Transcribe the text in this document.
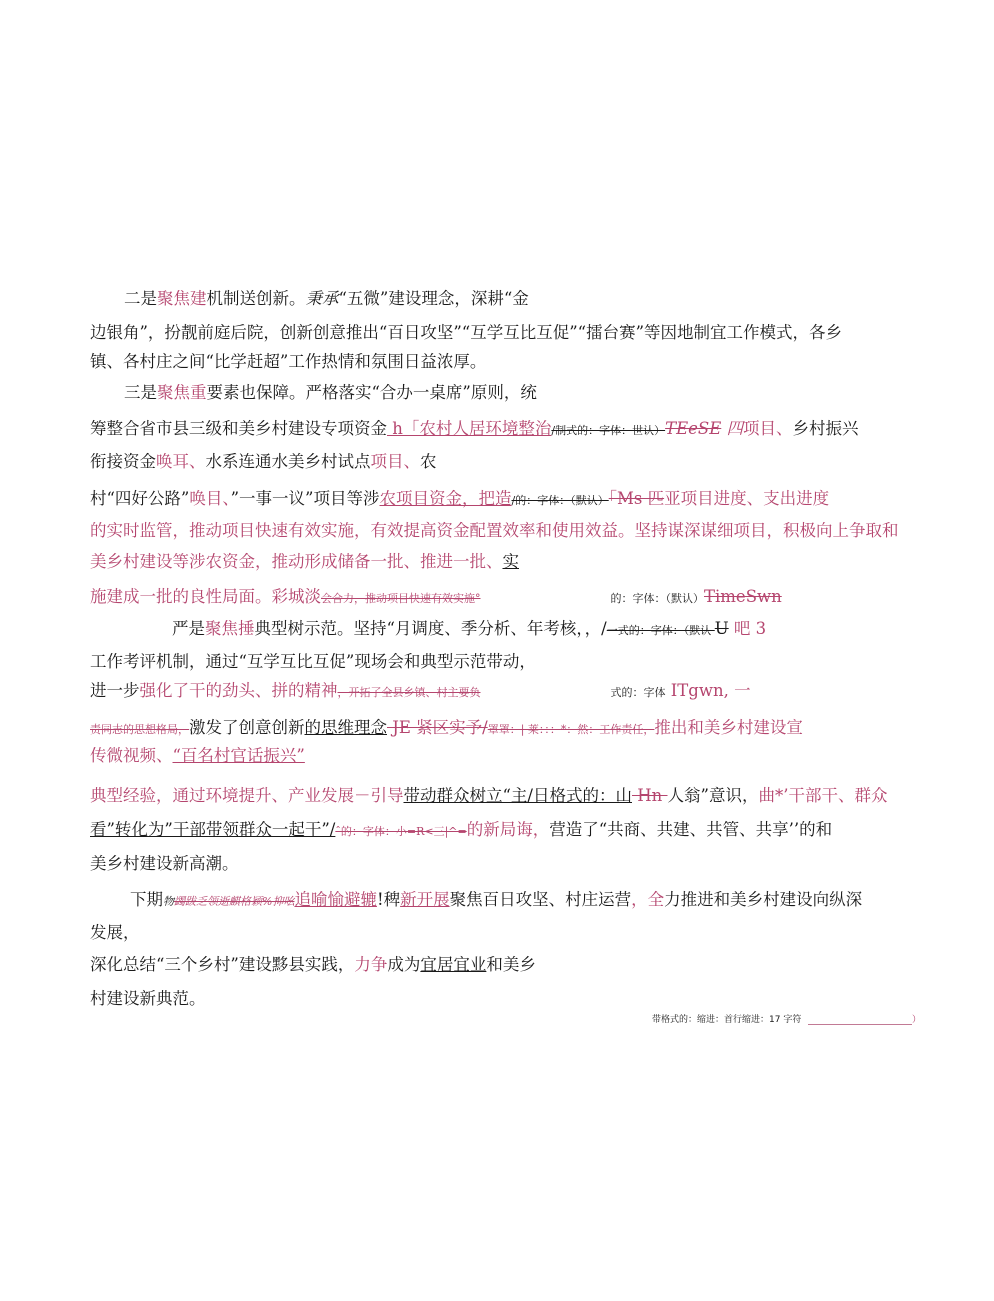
二是聚焦建机制送创新。秉承“五微”建设理念，深耕“金
边银角”，扮靓前庭后院，创新创意推出“百日攻坚”“互学互比互促”“擂台赛”等因地制宜工作模式，各乡
镇、各村庄之间“比学赶超”工作热情和氛围日益浓厚。
三是聚焦重要素也保障。严格落实“合办一桌席”原则，统
筹整合省市县三级和美乡村建设专项资金 h「农村人居环境整治/制式的：字体：世认）TEeSE 四项目、乡村振兴
衔接资金唤耳、水系连通水美乡村试点项目、农
村“四好公路”唤目、”一事一议”项目等涉农项目资金，把造/的：字体：（默认）「Ms 匹亚项目进度、支出进度
的实时监管，推动项目快速有效实施，有效提高资金配置效率和使用效益。坚持谋深谋细项目，积极向上争取和
美乡村建设等涉农资金，推动形成储备一批、推进一批、实
施建成一批的良性局面。彩城淡会合力，推动项目快速有效实施°	的：字体：（默认）TimeSwn
严是聚焦捶典型树示范。坚持“月调度、季分析、年考核，，/一式的：字体：（默认 U 吧 3
工作考评机制，通过“互学互比互促”现场会和典型示范带动，
进一步强化了干的劲头、拼的精神，开拓了全县乡镇、村主要负	式的：字体 ITgwn, 一
责同志的思想格局，激发了创意创新的思维理念 JE 紧区实予/罩罩：| 莱：：：*：然：工作责任，推出和美乡村建设宣
传微视频、“百名村官话振兴”
典型经验，通过环境提升、产业发展－引导带动群众树立“主/日格式的：山 Hn 人翁”意识，曲*’干部干、群众
看”转化为”干部带领群众一起干”/ˆ的：字体：小=R<三|^=的新局诲，营造了“共商、共建、共管、共享’’的和
美乡村建设新高潮。
下期物蠲跋乏领逝麒格颖%抑吆追喻愉避辘!稗新开展聚焦百日攻坚、村庄运营，全力推进和美乡村建设向纵深
发展，
深化总结“三个乡村”建设黟县实践，力争成为宜居宜业和美乡
村建设新典范。
带格式的：缩进：首行缩进：17 字符	）
